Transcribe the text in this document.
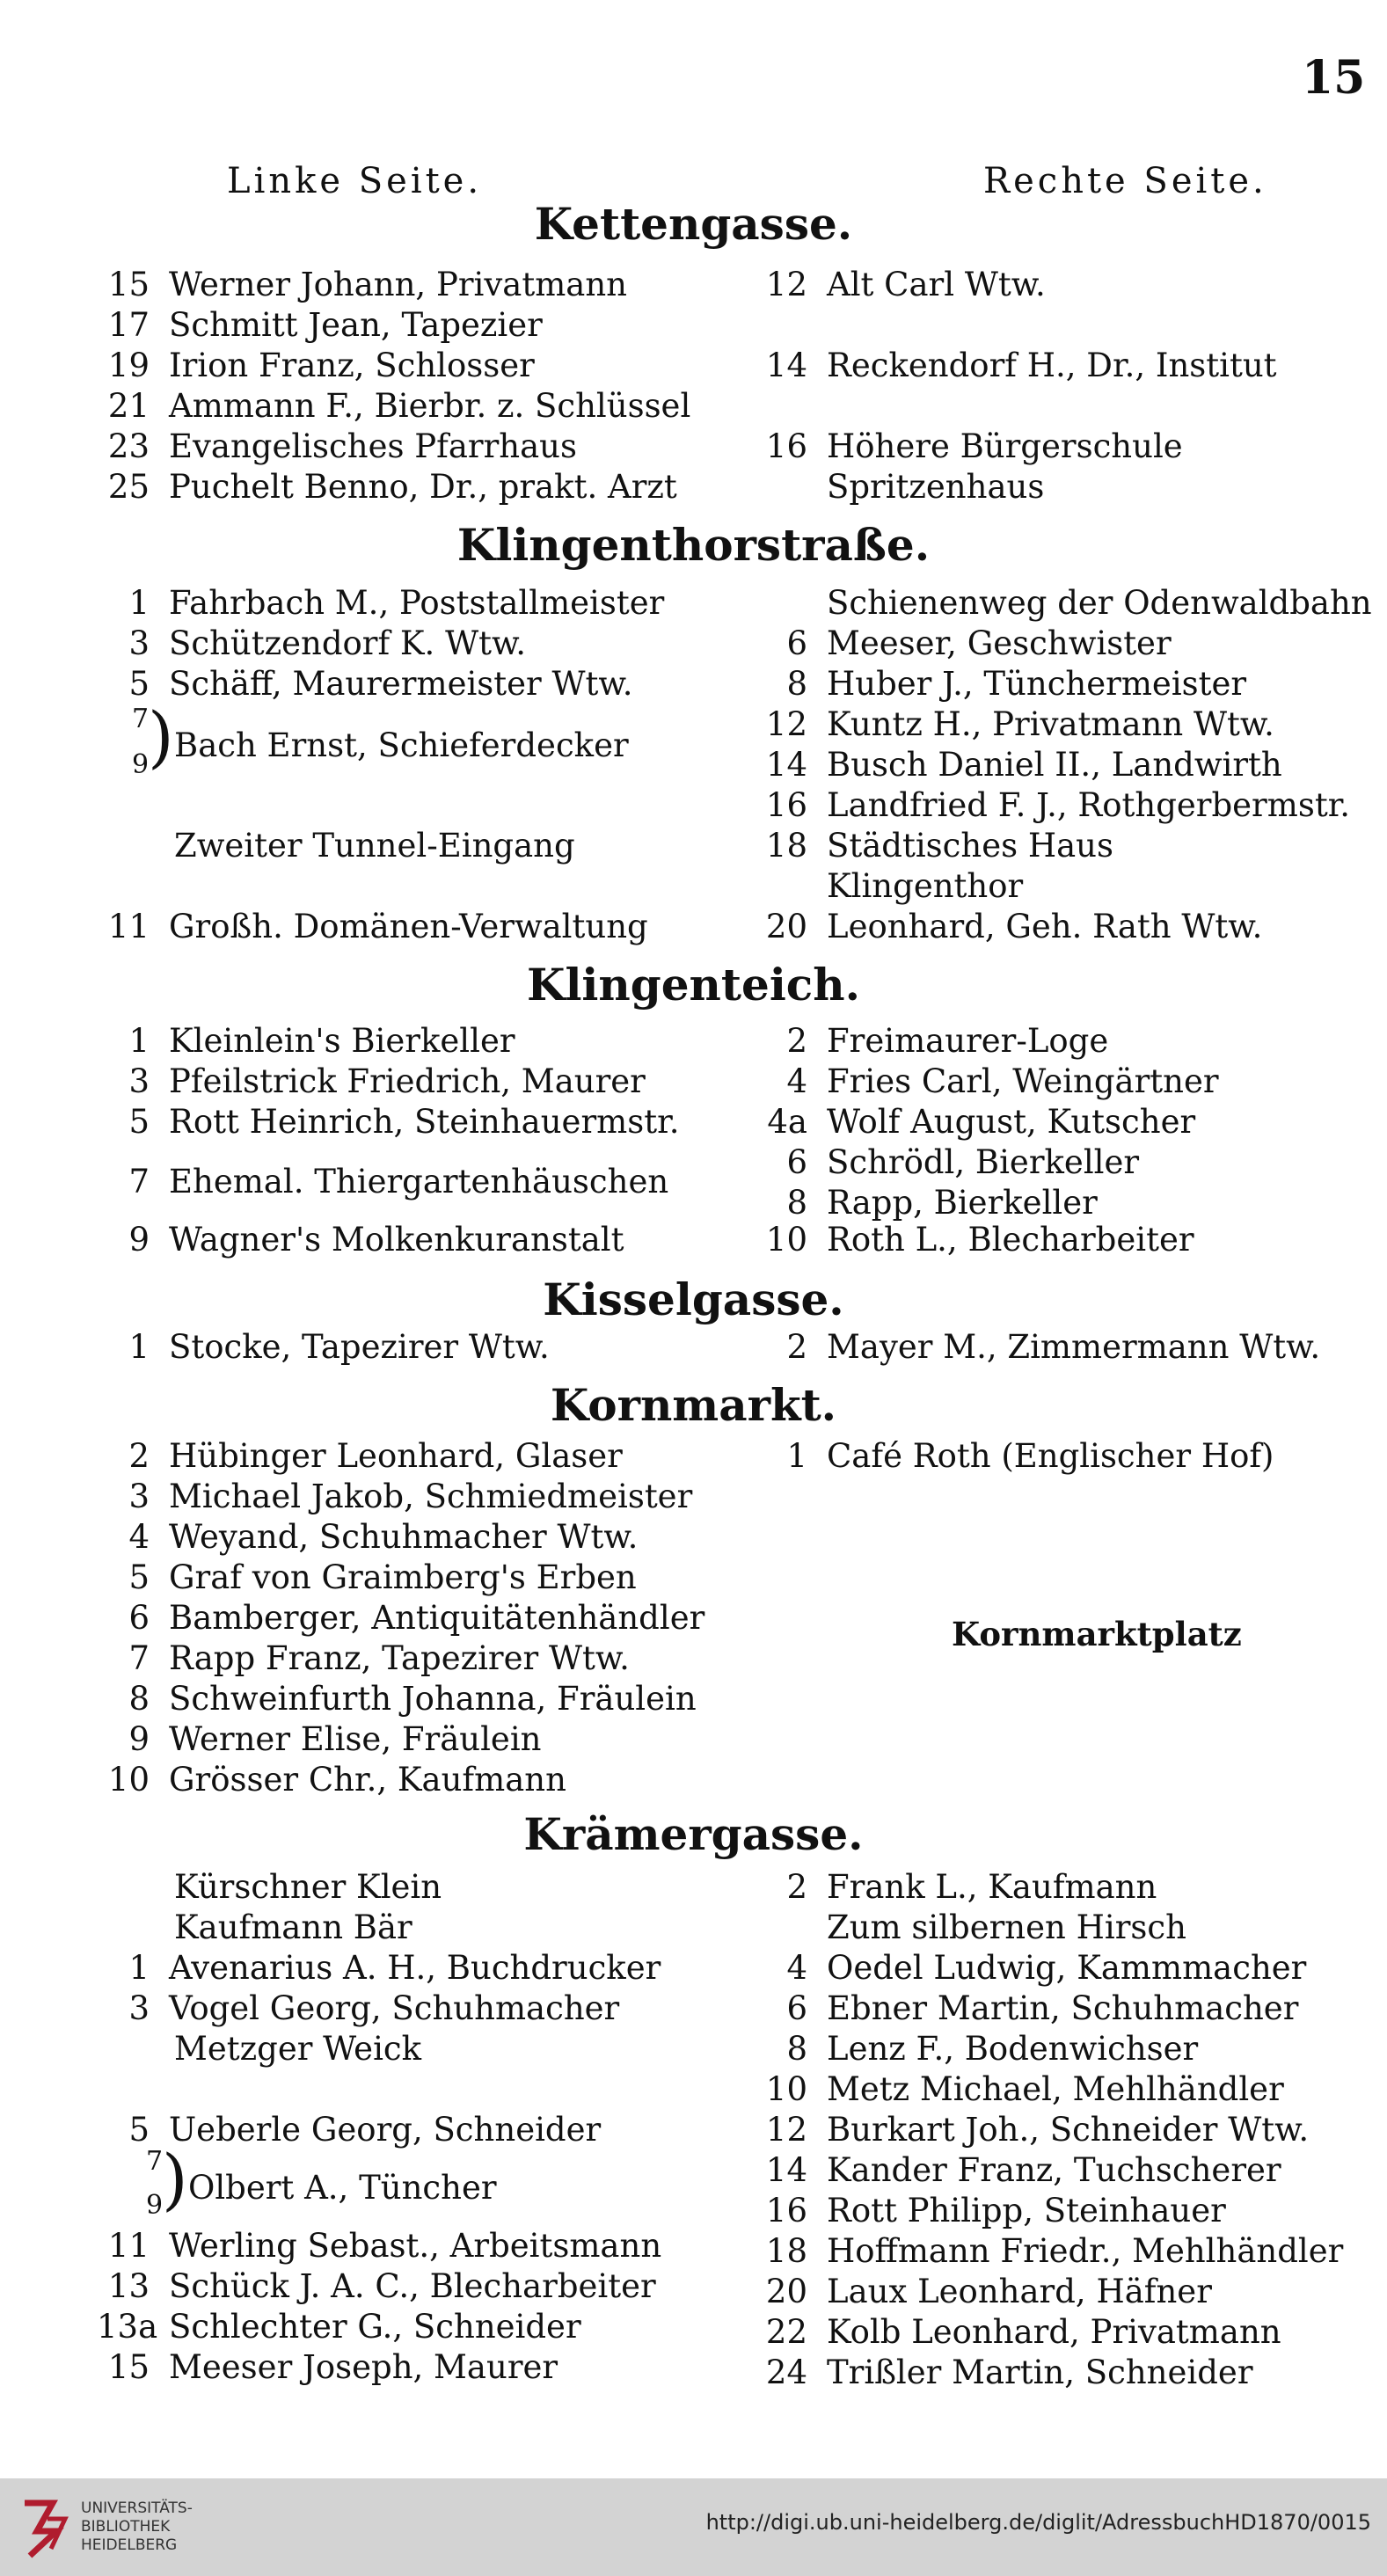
15
Linke Seite.	Rechte Seite.
Kettengasse.
15 Werner Johann, Privatmann
17 Schmitt Jean, Tapezier
19 Irion Franz, Schlosser
21 Ammann F., Bierbr. z. Schlüssel
23 Evangelisches Pfarrhaus
25 Puchelt Benno, Dr., prakt. Arzt
12 Alt Carl Wtw.
14 Reckendorf H., Dr., Institut
16 Höhere Bürgerschule
Spritzenhaus
Klingenthorstraße.
1 Fahrbach M., Poststallmeister
3 Schützendorf K. Wtw.
5 Schäff, Maurermeister Wtw.
7
9
) Bach Ernst, Schieferdecker
Zweiter Tunnel-Eingang
11 Großh. Domänen-Verwaltung
Schienenweg der Odenwaldbahn
6 Meeser, Geschwister
8 Huber J., Tünchermeister
12 Kuntz H., Privatmann Wtw.
14 Busch Daniel II., Landwirth
16 Landfried F. J., Rothgerbermstr.
18 Städtisches Haus
Klingenthor
20 Leonhard, Geh. Rath Wtw.
Klingenteich.
1 Kleinlein's Bierkeller
3 Pfeilstrick Friedrich, Maurer
5 Rott Heinrich, Steinhauermstr.
7 Ehemal. Thiergartenhäuschen
9 Wagner's Molkenkuranstalt
2 Freimaurer-Loge
4 Fries Carl, Weingärtner
4a Wolf August, Kutscher
6 Schrödl, Bierkeller
8 Rapp, Bierkeller
10 Roth L., Blecharbeiter
Kisselgasse.
1 Stocke, Tapezirer Wtw.	2 Mayer M., Zimmermann Wtw.
Kornmarkt.
2 Hübinger Leonhard, Glaser
3 Michael Jakob, Schmiedmeister
4 Weyand, Schuhmacher Wtw.
5 Graf von Graimberg's Erben
6 Bamberger, Antiquitätenhändler
7 Rapp Franz, Tapezirer Wtw.
8 Schweinfurth Johanna, Fräulein
9 Werner Elise, Fräulein
10 Grösser Chr., Kaufmann
1 Café Roth (Englischer Hof)
Kornmarktplatz
Krämergasse.
Kürschner Klein
Kaufmann Bär
1 Avenarius A. H., Buchdrucker
3 Vogel Georg, Schuhmacher
Metzger Weick
5 Ueberle Georg, Schneider
7
9
) Olbert A., Tüncher
11 Werling Sebast., Arbeitsmann
13 Schück J. A. C., Blecharbeiter
13a Schlechter G., Schneider
15 Meeser Joseph, Maurer
2 Frank L., Kaufmann
Zum silbernen Hirsch
4 Oedel Ludwig, Kammmacher
6 Ebner Martin, Schuhmacher
8 Lenz F., Bodenwichser
10 Metz Michael, Mehlhändler
12 Burkart Joh., Schneider Wtw.
14 Kander Franz, Tuchscherer
16 Rott Philipp, Steinhauer
18 Hoffmann Friedr., Mehlhändler
20 Laux Leonhard, Häfner
22 Kolb Leonhard, Privatmann
24 Trißler Martin, Schneider
UNIVERSITÄTS-
BIBLIOTHEK
HEIDELBERG
http://digi.ub.uni-heidelberg.de/diglit/AdressbuchHD1870/0015
